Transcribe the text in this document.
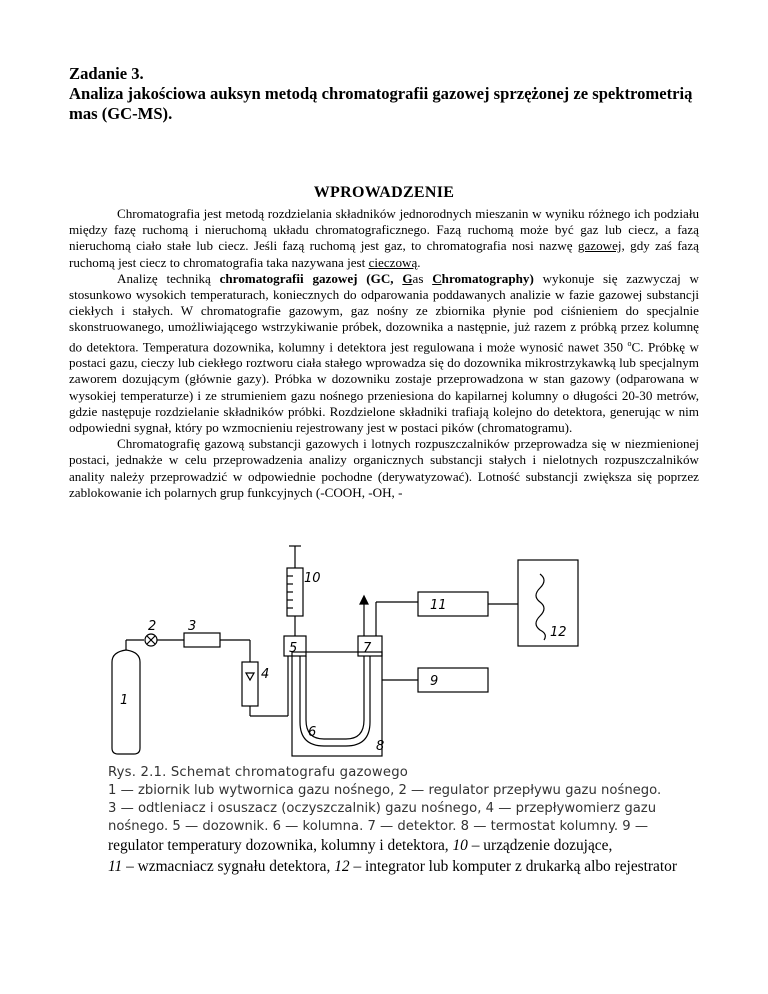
Zadanie 3.
Analiza jakościowa auksyn metodą chromatografii gazowej sprzężonej ze spektrometrią mas (GC-MS).
WPROWADZENIE

Chromatografia jest metodą rozdzielania składników jednorodnych mieszanin w wyniku różnego ich podziału między fazę ruchomą i nieruchomą układu chromatograficznego. Fazą ruchomą może być gaz lub ciecz, a fazą nieruchomą ciało stałe lub ciecz. Jeśli fazą ruchomą jest gaz, to chromatografia nosi nazwę gazowej, gdy zaś fazą ruchomą jest ciecz to chromatografia taka nazywana jest cieczową.

Analizę techniką chromatografii gazowej (GC, Gas Chromatography) wykonuje się zazwyczaj w stosunkowo wysokich temperaturach, koniecznych do odparowania poddawanych analizie w fazie gazowej substancji ciekłych i stałych. W chromatografie gazowym, gaz nośny ze zbiornika płynie pod ciśnieniem do specjalnie skonstruowanego, umożliwiającego wstrzykiwanie próbek, dozownika a następnie, już razem z próbką przez kolumnę do detektora. Temperatura dozownika, kolumny i detektora jest regulowana i może wynosić nawet 350 $^o$C. Próbkę w postaci gazu, cieczy lub ciekłego roztworu ciała stałego wprowadza się do dozownika mikrostrzykawką lub specjalnym zaworem dozującym (głównie gazy). Próbka w dozowniku zostaje przeprowadzona w stan gazowy (odparowana w wysokiej temperaturze) i ze strumieniem gazu nośnego przeniesiona do kapilarnej kolumny o długości 20-30 metrów, gdzie następuje rozdzielanie składników próbki. Rozdzielone składniki trafiają kolejno do detektora, generując w nim odpowiedni sygnał, który po wzmocnieniu rejestrowany jest w postaci pików (chromatogramu).

Chromatografię gazową substancji gazowych i lotnych rozpuszczalników przeprowadza się w niezmienionej postaci, jednakże w celu przeprowadzenia analizy organicznych substancji stałych i nielotnych rozpuszczalników anality należy przeprowadzić w odpowiednie pochodne (derywatyzować). Lotność substancji zwiększa się poprzez zablokowanie ich polarnych grup funkcyjnych (-COOH, -OH, -

1
2 3
4
5
6
7
8
9
10
11
12
Rys. 2.1. Schemat chromatografu gazowego
1 — zbiornik lub wytwornica gazu nośnego, 2 — regulator przepływu gazu nośnego.
3 — odtleniacz i osuszacz (oczyszczalnik) gazu nośnego, 4 — przepływomierz gazu
nośnego. 5 — dozownik. 6 — kolumna. 7 — detektor. 8 — termostat kolumny. 9 —
regulator temperatury dozownika, kolumny i detektora, 10 – urządzenie dozujące,
11 – wzmacniacz sygnału detektora, 12 – integrator lub komputer z drukarką albo rejestrator
